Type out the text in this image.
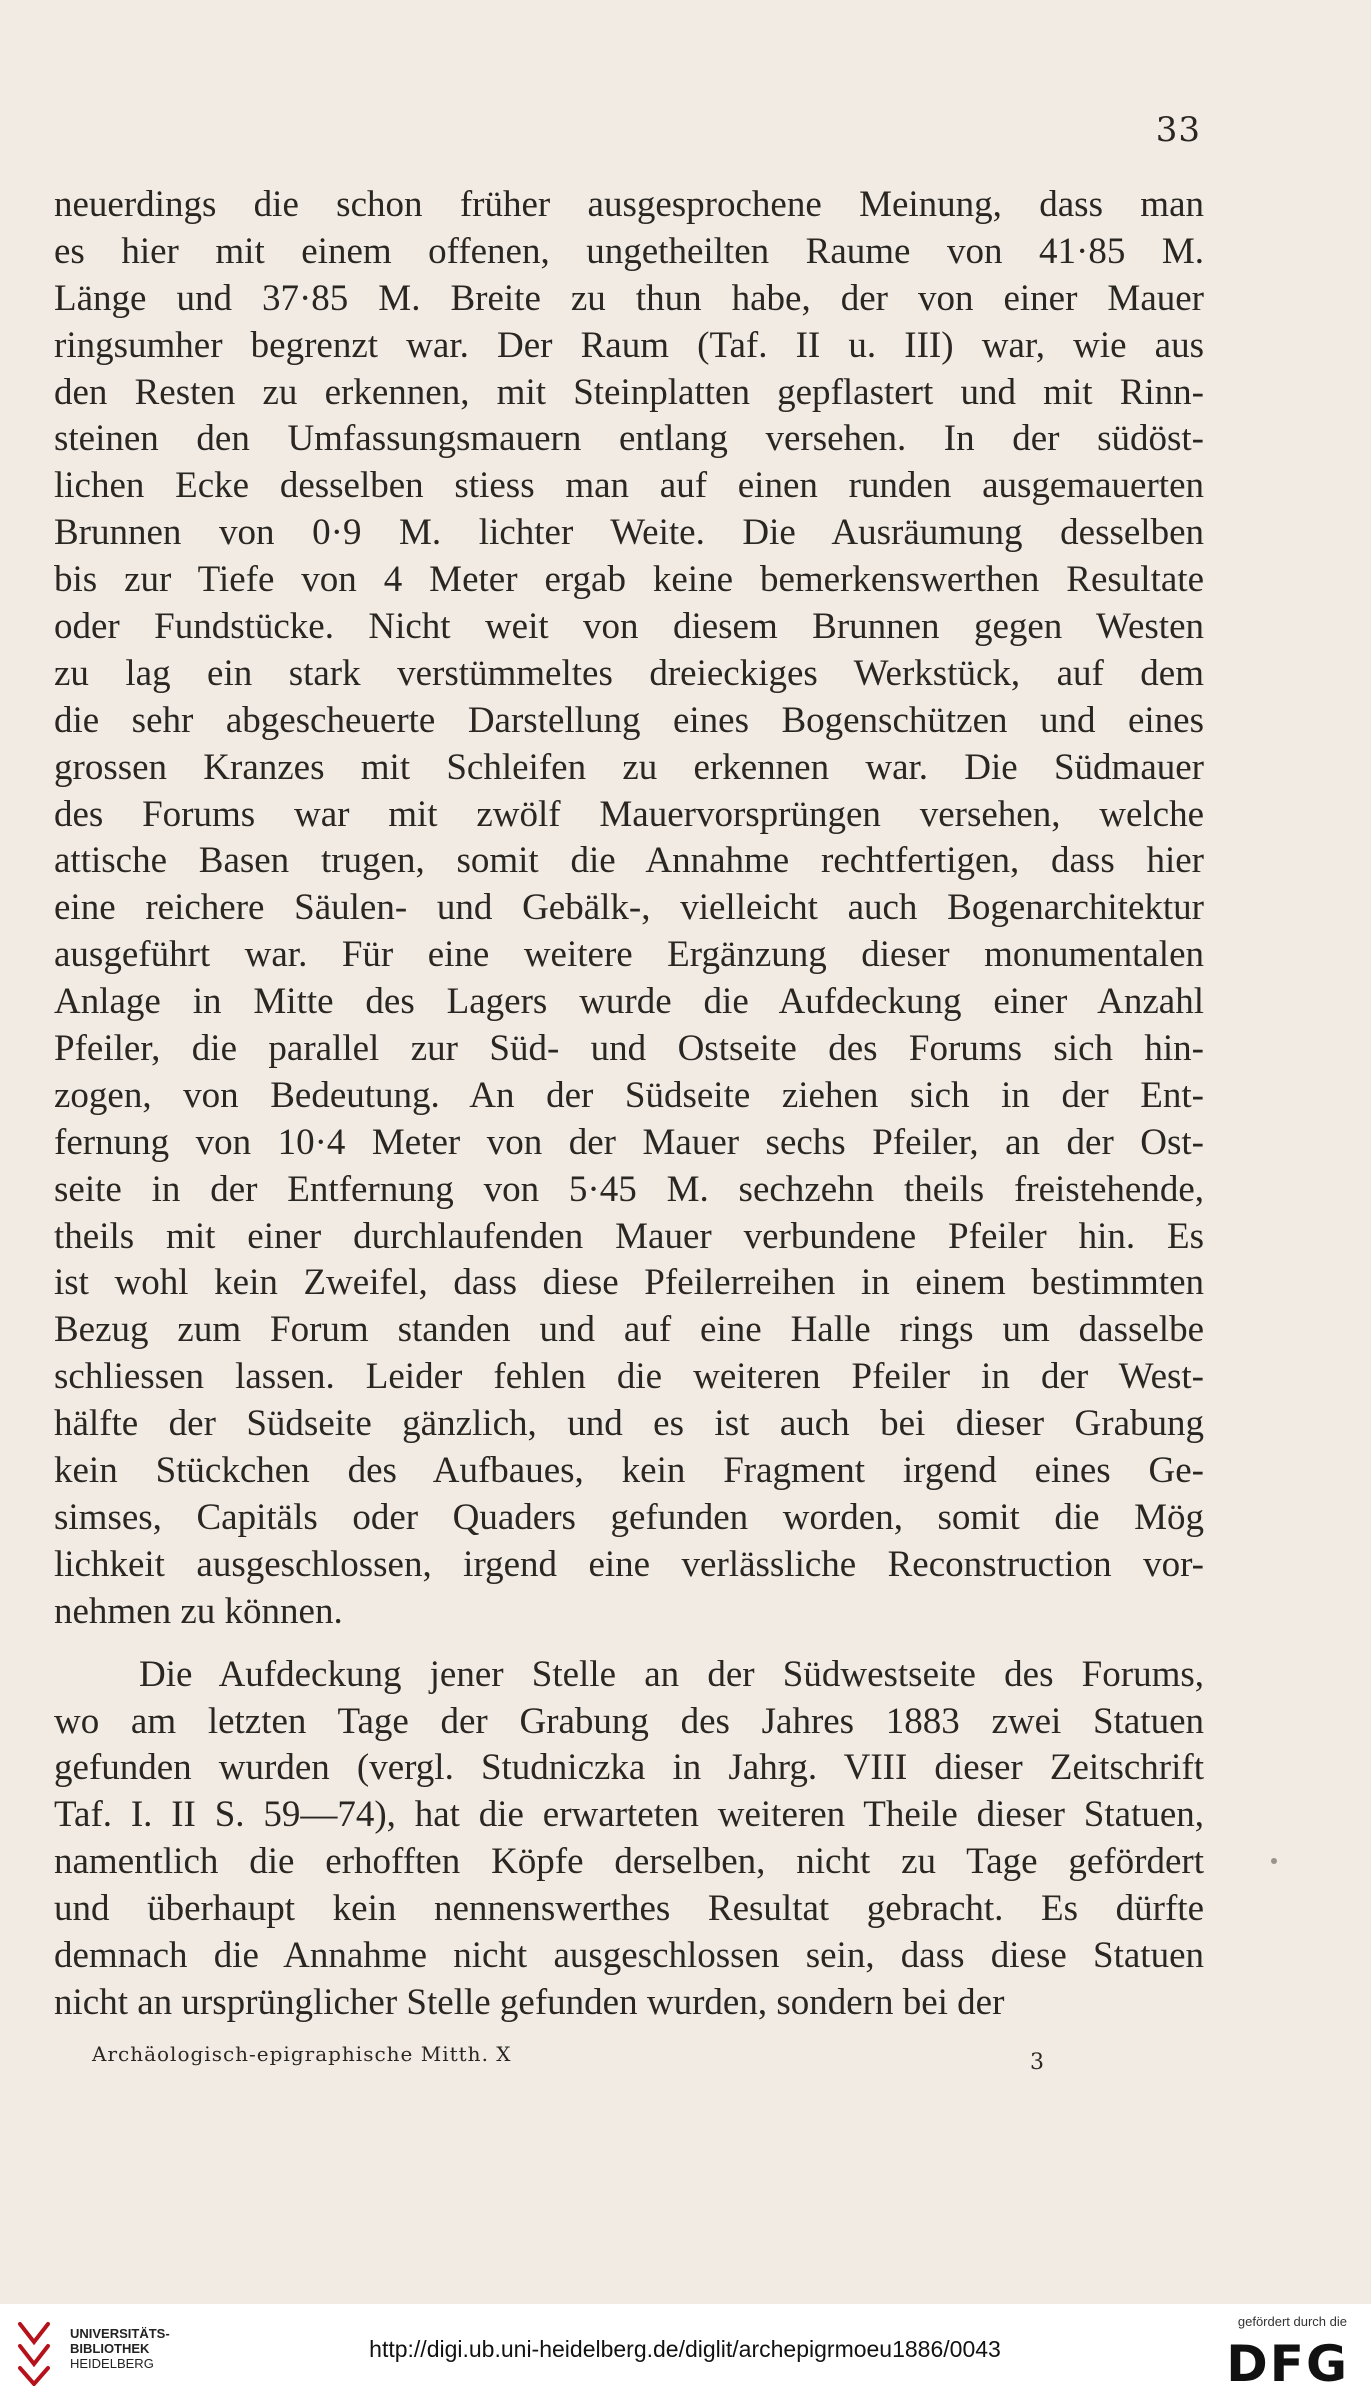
33
neuerdings die schon früher ausgesprochene Meinung, dass man
es hier mit einem offenen, ungetheilten Raume von 41·85 M.
Länge und 37·85 M. Breite zu thun habe, der von einer Mauer
ringsumher begrenzt war. Der Raum (Taf. II u. III) war, wie aus
den Resten zu erkennen, mit Steinplatten gepflastert und mit Rinn-
steinen den Umfassungsmauern entlang versehen. In der südöst-
lichen Ecke desselben stiess man auf einen runden ausgemauerten
Brunnen von 0·9 M. lichter Weite. Die Ausräumung desselben
bis zur Tiefe von 4 Meter ergab keine bemerkenswerthen Resultate
oder Fundstücke. Nicht weit von diesem Brunnen gegen Westen
zu lag ein stark verstümmeltes dreieckiges Werkstück, auf dem
die sehr abgescheuerte Darstellung eines Bogenschützen und eines
grossen Kranzes mit Schleifen zu erkennen war. Die Südmauer
des Forums war mit zwölf Mauervorsprüngen versehen, welche
attische Basen trugen, somit die Annahme rechtfertigen, dass hier
eine reichere Säulen- und Gebälk-, vielleicht auch Bogenarchitektur
ausgeführt war. Für eine weitere Ergänzung dieser monumentalen
Anlage in Mitte des Lagers wurde die Aufdeckung einer Anzahl
Pfeiler, die parallel zur Süd- und Ostseite des Forums sich hin-
zogen, von Bedeutung. An der Südseite ziehen sich in der Ent-
fernung von 10·4 Meter von der Mauer sechs Pfeiler, an der Ost-
seite in der Entfernung von 5·45 M. sechzehn theils freistehende,
theils mit einer durchlaufenden Mauer verbundene Pfeiler hin. Es
ist wohl kein Zweifel, dass diese Pfeilerreihen in einem bestimmten
Bezug zum Forum standen und auf eine Halle rings um dasselbe
schliessen lassen. Leider fehlen die weiteren Pfeiler in der West-
hälfte der Südseite gänzlich, und es ist auch bei dieser Grabung
kein Stückchen des Aufbaues, kein Fragment irgend eines Ge-
simses, Capitäls oder Quaders gefunden worden, somit die Mög
lichkeit ausgeschlossen, irgend eine verlässliche Reconstruction vor-
nehmen zu können.
Die Aufdeckung jener Stelle an der Südwestseite des Forums,
wo am letzten Tage der Grabung des Jahres 1883 zwei Statuen
gefunden wurden (vergl. Studniczka in Jahrg. VIII dieser Zeitschrift
Taf. I. II S. 59—74), hat die erwarteten weiteren Theile dieser Statuen,
namentlich die erhofften Köpfe derselben, nicht zu Tage gefördert
und überhaupt kein nennenswerthes Resultat gebracht. Es dürfte
demnach die Annahme nicht ausgeschlossen sein, dass diese Statuen
nicht an ursprünglicher Stelle gefunden wurden, sondern bei der
Archäologisch-epigraphische Mitth. X	3
UNIVERSITÄTS-
BIBLIOTHEK
HEIDELBERG
http://digi.ub.uni-heidelberg.de/diglit/archepigrmoeu1886/0043
gefördert durch die
DFG
